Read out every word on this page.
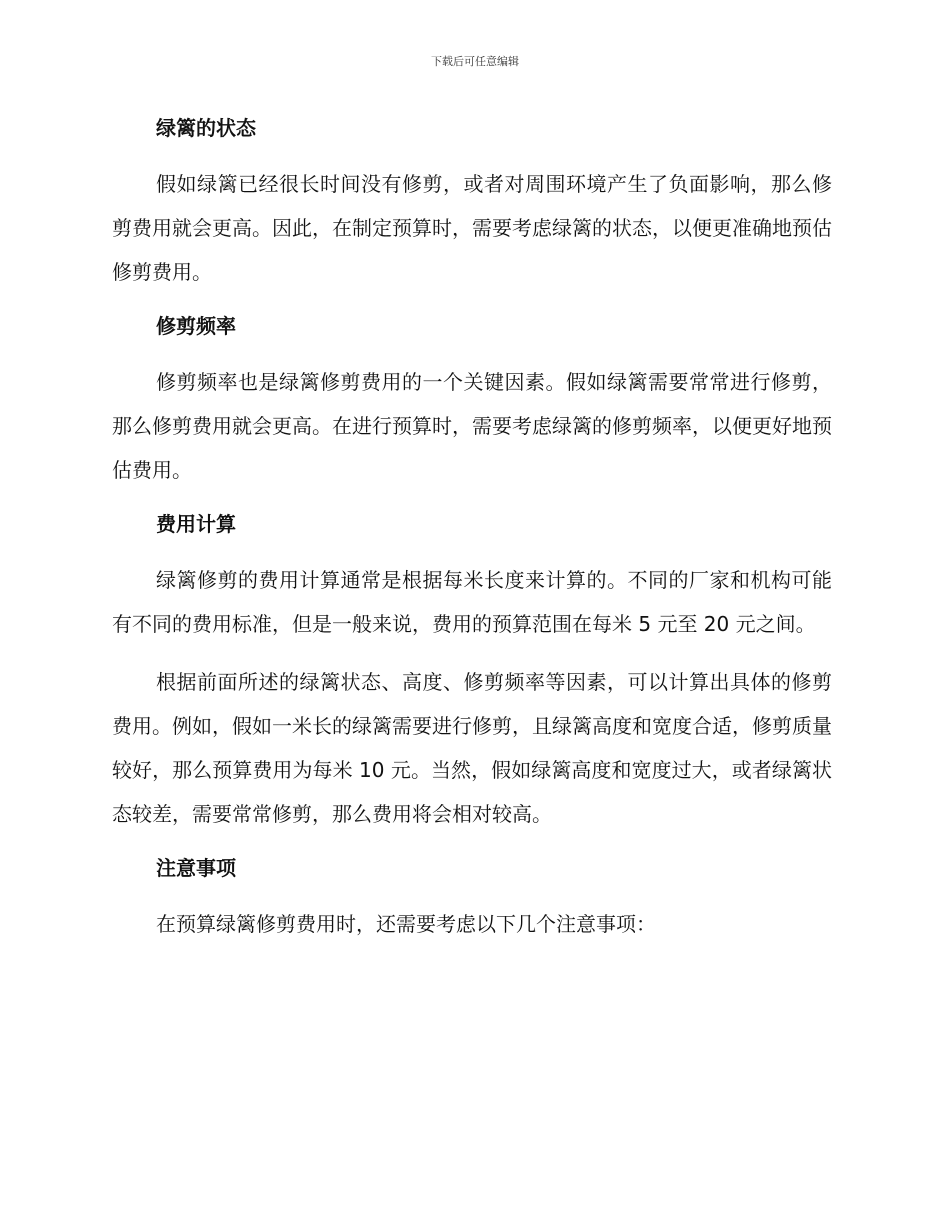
下载后可任意编辑
绿篱的状态

假如绿篱已经很长时间没有修剪，或者对周围环境产生了负面影响，那么修剪费用就会更高。因此，在制定预算时，需要考虑绿篱的状态，以便更准确地预估修剪费用。

修剪频率

修剪频率也是绿篱修剪费用的一个关键因素。假如绿篱需要常常进行修剪，那么修剪费用就会更高。在进行预算时，需要考虑绿篱的修剪频率，以便更好地预估费用。

费用计算

绿篱修剪的费用计算通常是根据每米长度来计算的。不同的厂家和机构可能有不同的费用标准，但是一般来说，费用的预算范围在每米 5 元至 20 元之间。

根据前面所述的绿篱状态、高度、修剪频率等因素，可以计算出具体的修剪费用。例如，假如一米长的绿篱需要进行修剪，且绿篱高度和宽度合适，修剪质量较好，那么预算费用为每米 10 元。当然，假如绿篱高度和宽度过大，或者绿篱状态较差，需要常常修剪，那么费用将会相对较高。

注意事项

在预算绿篱修剪费用时，还需要考虑以下几个注意事项：
